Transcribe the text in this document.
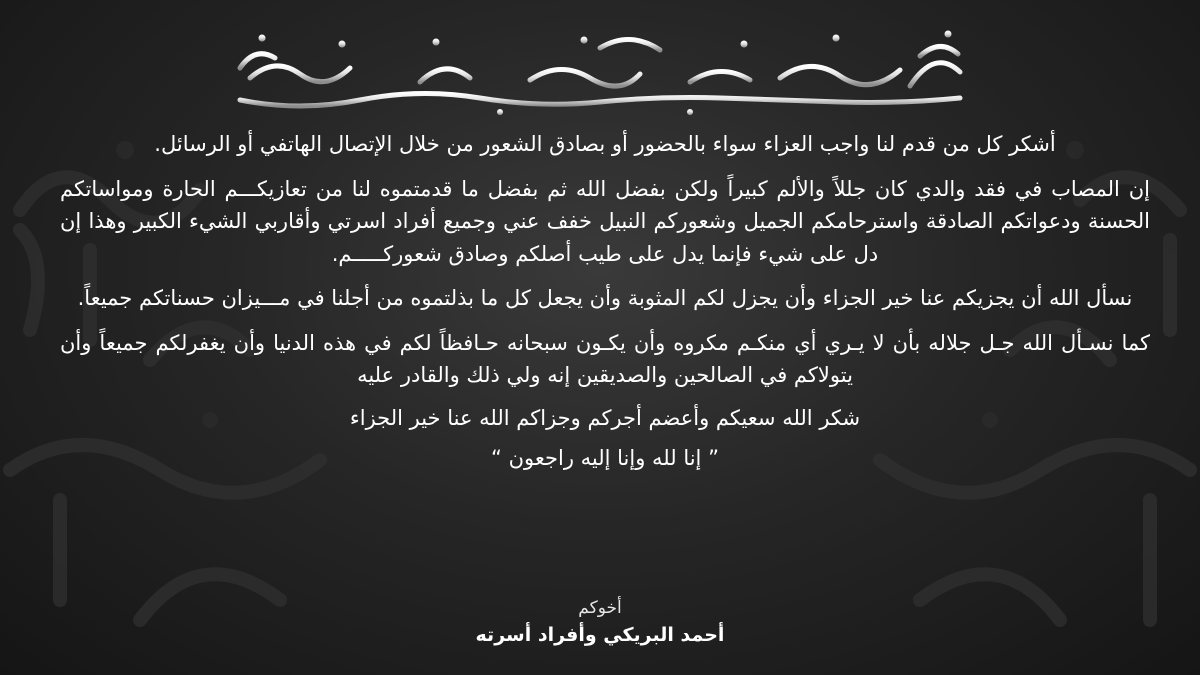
أشكر كل من قدم لنا واجب العزاء سواء بالحضور أو بصادق الشعور من خلال الإتصال الهاتفي أو الرسائل.

إن المصاب في فقد والدي كان جللاً والألم كبيراً ولكن بفضل الله ثم بفضل ما قدمتموه لنا من تعازيكـــم الحارة ومواساتكم الحسنة ودعواتكم الصادقة واسترحامكم الجميل وشعوركم النبيل خفف عني وجميع أفراد اسرتي وأقاربي الشيء الكبير وهذا إن دل على شيء فإنما يدل على طيب أصلكم وصادق شعوركـــــم.

نسأل الله أن يجزيكم عنا خير الجزاء وأن يجزل لكم المثوبة وأن يجعل كل ما بذلتموه من أجلنا في مـــيزان حسناتكم جميعاً.

كما نسـأل الله جـل جلاله بأن لا يـري أي منكـم مكروه وأن يكـون سبحانه حـافظاً لكم في هذه الدنيا وأن يغفرلكم جميعاً وأن يتولاكم في الصالحين والصديقين إنه ولي ذلك والقادر عليه

شكر الله سعيكم وأعضم أجركم وجزاكم الله عنا خير الجزاء

” إنا لله وإنا إليه راجعون “

أخوكم

أحمد البريكي وأفراد أسرته
